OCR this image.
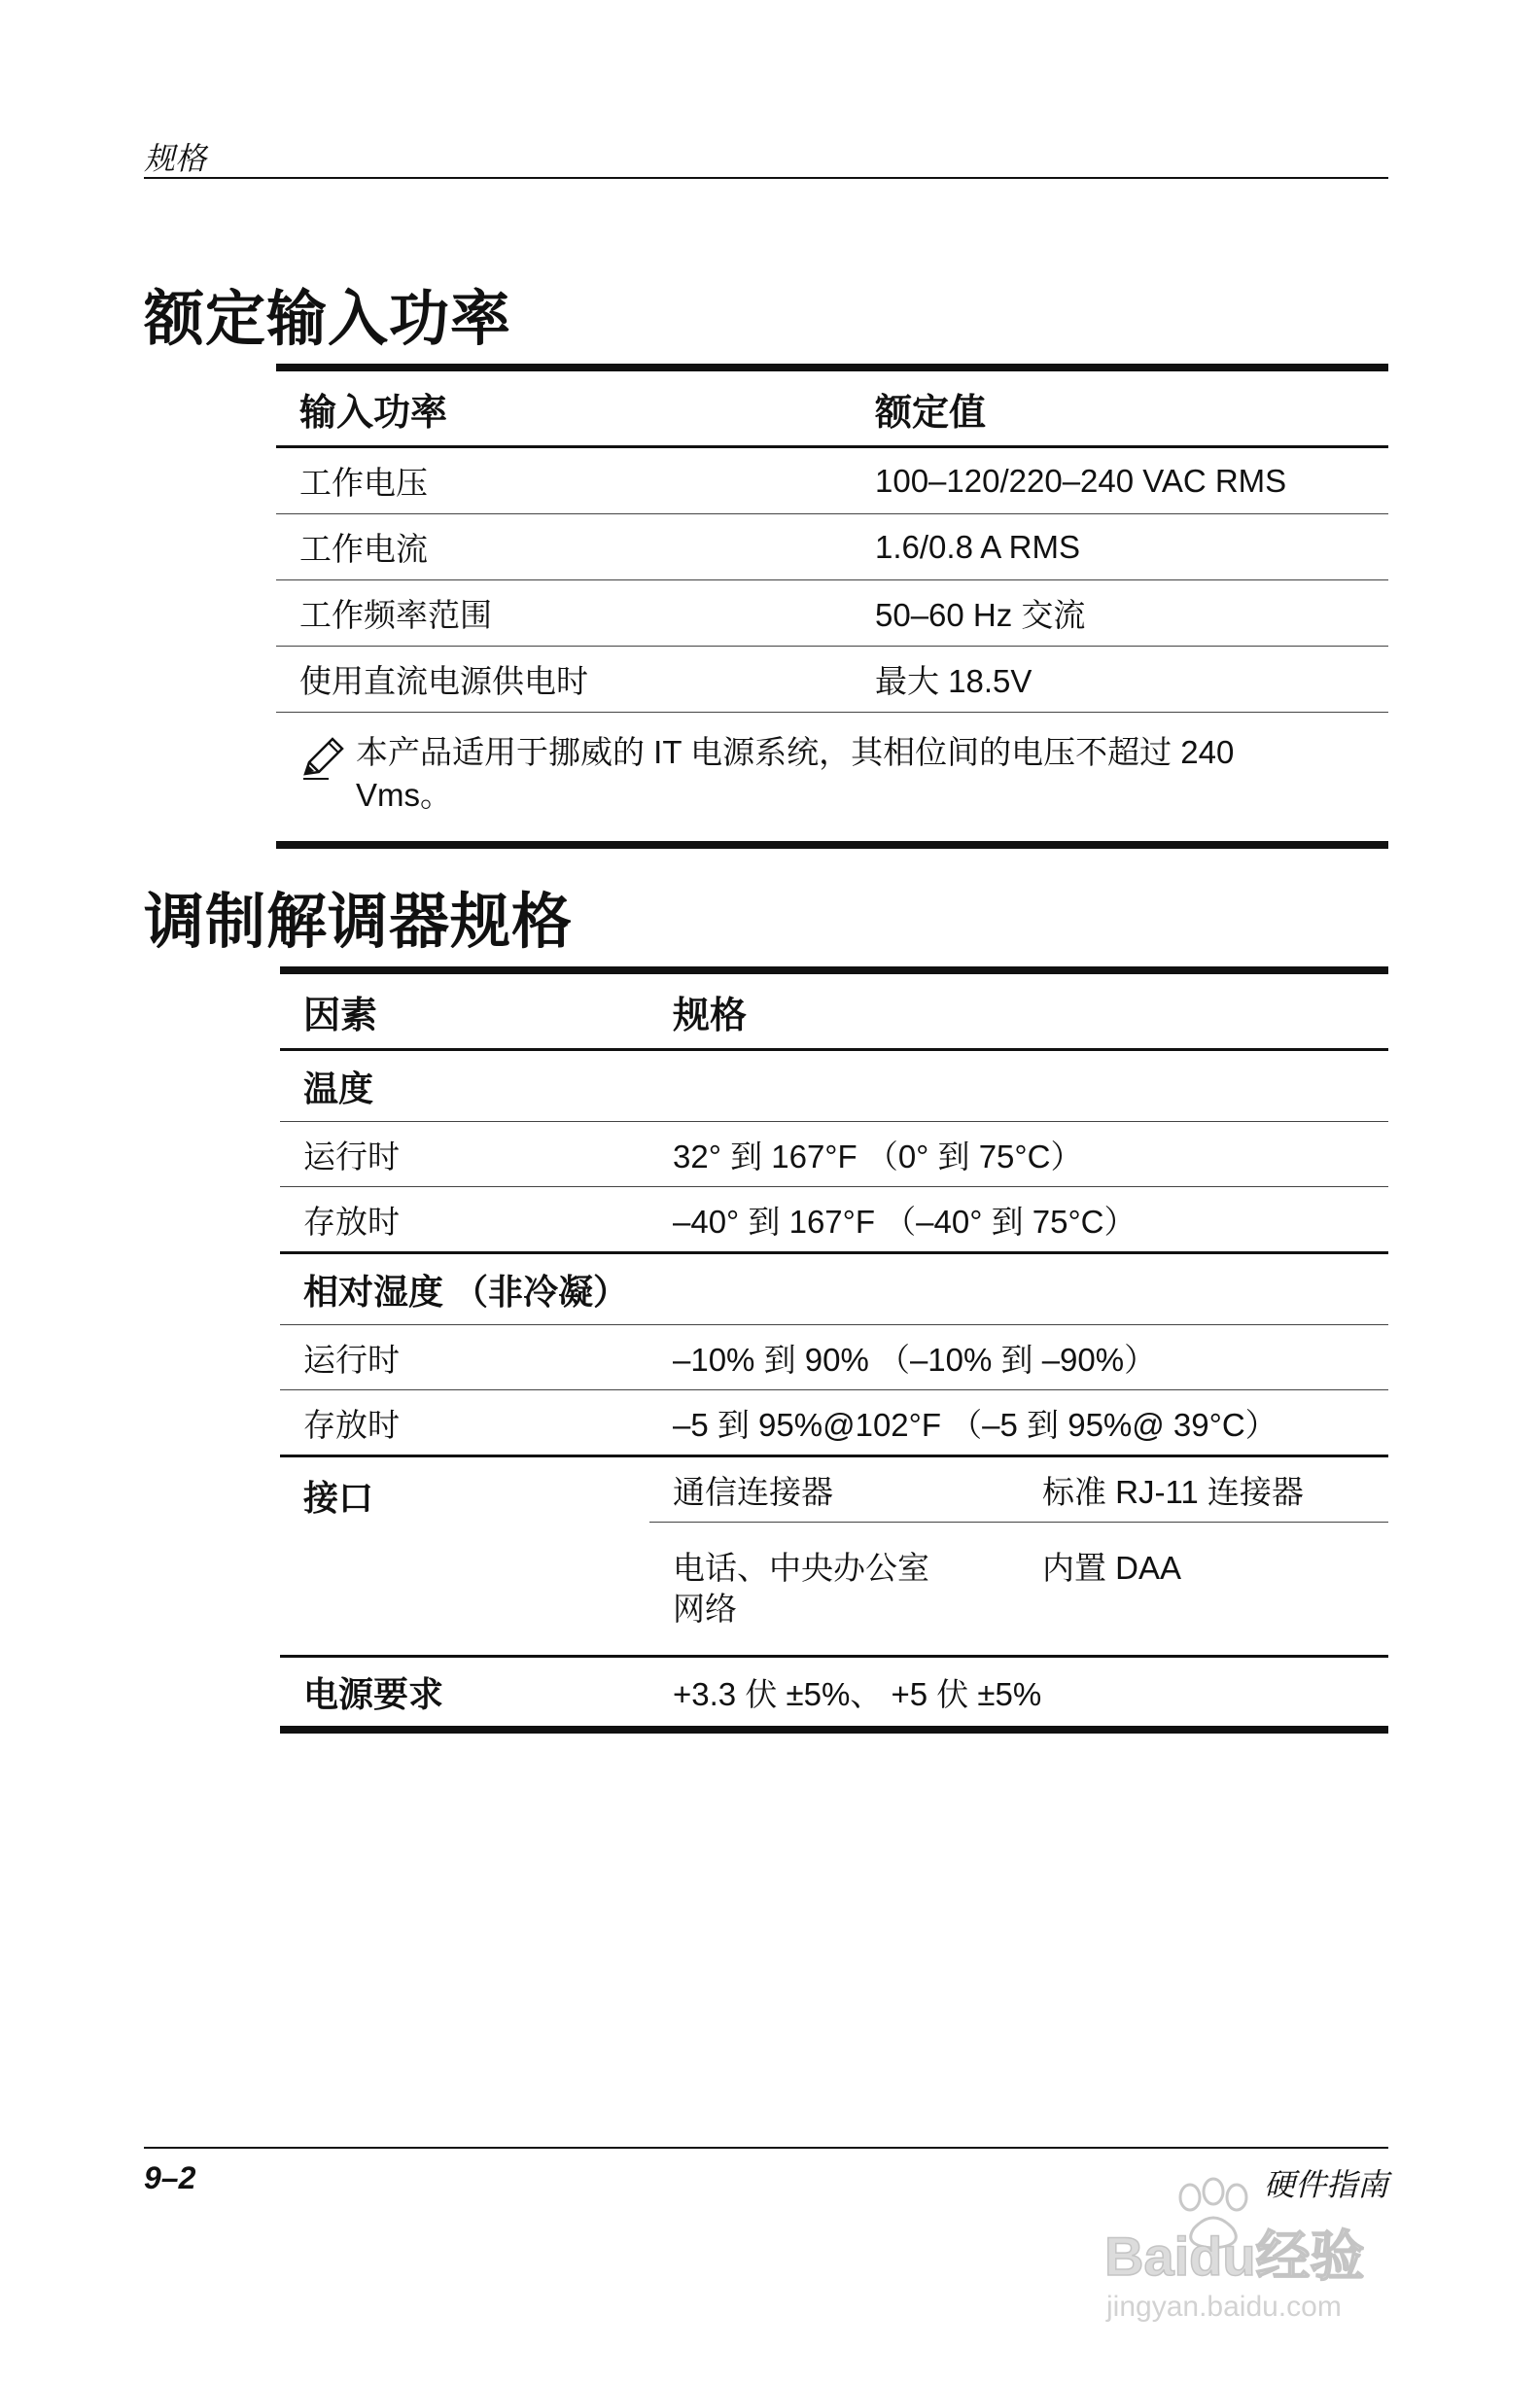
规格
额定输入功率
输入功率	额定值
工作电压	100–120/220–240 VAC RMS
工作电流	1.6/0.8 A RMS
工作频率范围	50–60 Hz 交流
使用直流电源供电时	最大 18.5V

本产品适用于挪威的 IT 电源系统，其相位间的电压不超过 240 Vms。	
调制解调器规格
因素	规格	
温度		
运行时	32° 到 167°F （0° 到 75°C）	
存放时	–40° 到 167°F （–40° 到 75°C）	
相对湿度 （非冷凝）		
运行时	–10% 到 90% （–10% 到 –90%）	
存放时	–5 到 95%@102°F （–5 到 95%@ 39°C）	
接口	通信连接器	标准 RJ-11 连接器

	电话、中央办公室网络	内置 DAA
电源要求	+3.3 伏 ±5%、 +5 伏 ±5%	
9–2	硬件指南
Baidu经验
jingyan.baidu.com
